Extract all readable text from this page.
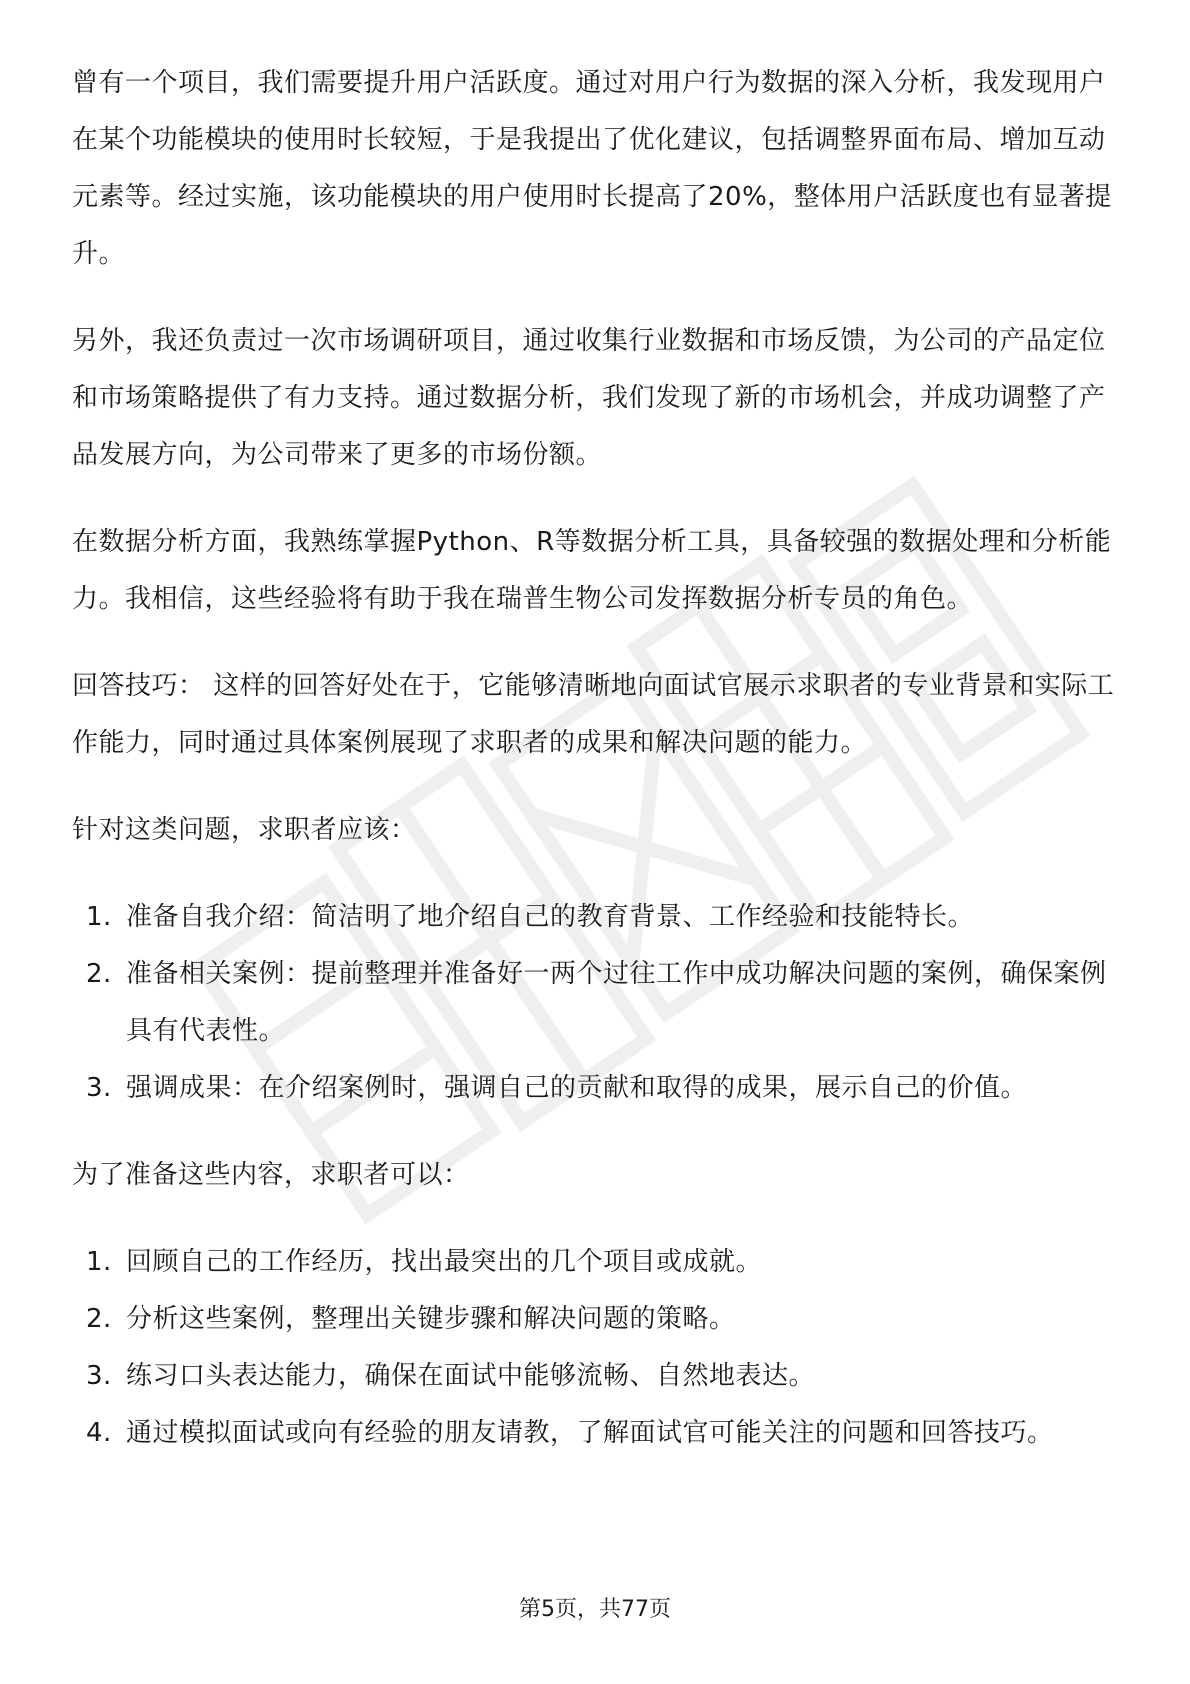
曾有一个项目，我们需要提升用户活跃度。通过对用户行为数据的深入分析，我发现用户在某个功能模块的使用时长较短，于是我提出了优化建议，包括调整界面布局、增加互动元素等。经过实施，该功能模块的用户使用时长提高了20%，整体用户活跃度也有显著提升。

另外，我还负责过一次市场调研项目，通过收集行业数据和市场反馈，为公司的产品定位和市场策略提供了有力支持。通过数据分析，我们发现了新的市场机会，并成功调整了产品发展方向，为公司带来了更多的市场份额。

在数据分析方面，我熟练掌握Python、R等数据分析工具，具备较强的数据处理和分析能力。我相信，这些经验将有助于我在瑞普生物公司发挥数据分析专员的角色。

回答技巧： 这样的回答好处在于，它能够清晰地向面试官展示求职者的专业背景和实际工作能力，同时通过具体案例展现了求职者的成果和解决问题的能力。

针对这类问题，求职者应该：

1. 准备自我介绍：简洁明了地介绍自己的教育背景、工作经验和技能特长。
2. 准备相关案例：提前整理并准备好一两个过往工作中成功解决问题的案例，确保案例具有代表性。
3. 强调成果：在介绍案例时，强调自己的贡献和取得的成果，展示自己的价值。

为了准备这些内容，求职者可以：

1. 回顾自己的工作经历，找出最突出的几个项目或成就。
2. 分析这些案例，整理出关键步骤和解决问题的策略。
3. 练习口头表达能力，确保在面试中能够流畅、自然地表达。
4. 通过模拟面试或向有经验的朋友请教，了解面试官可能关注的问题和回答技巧。
第5页，共77页
